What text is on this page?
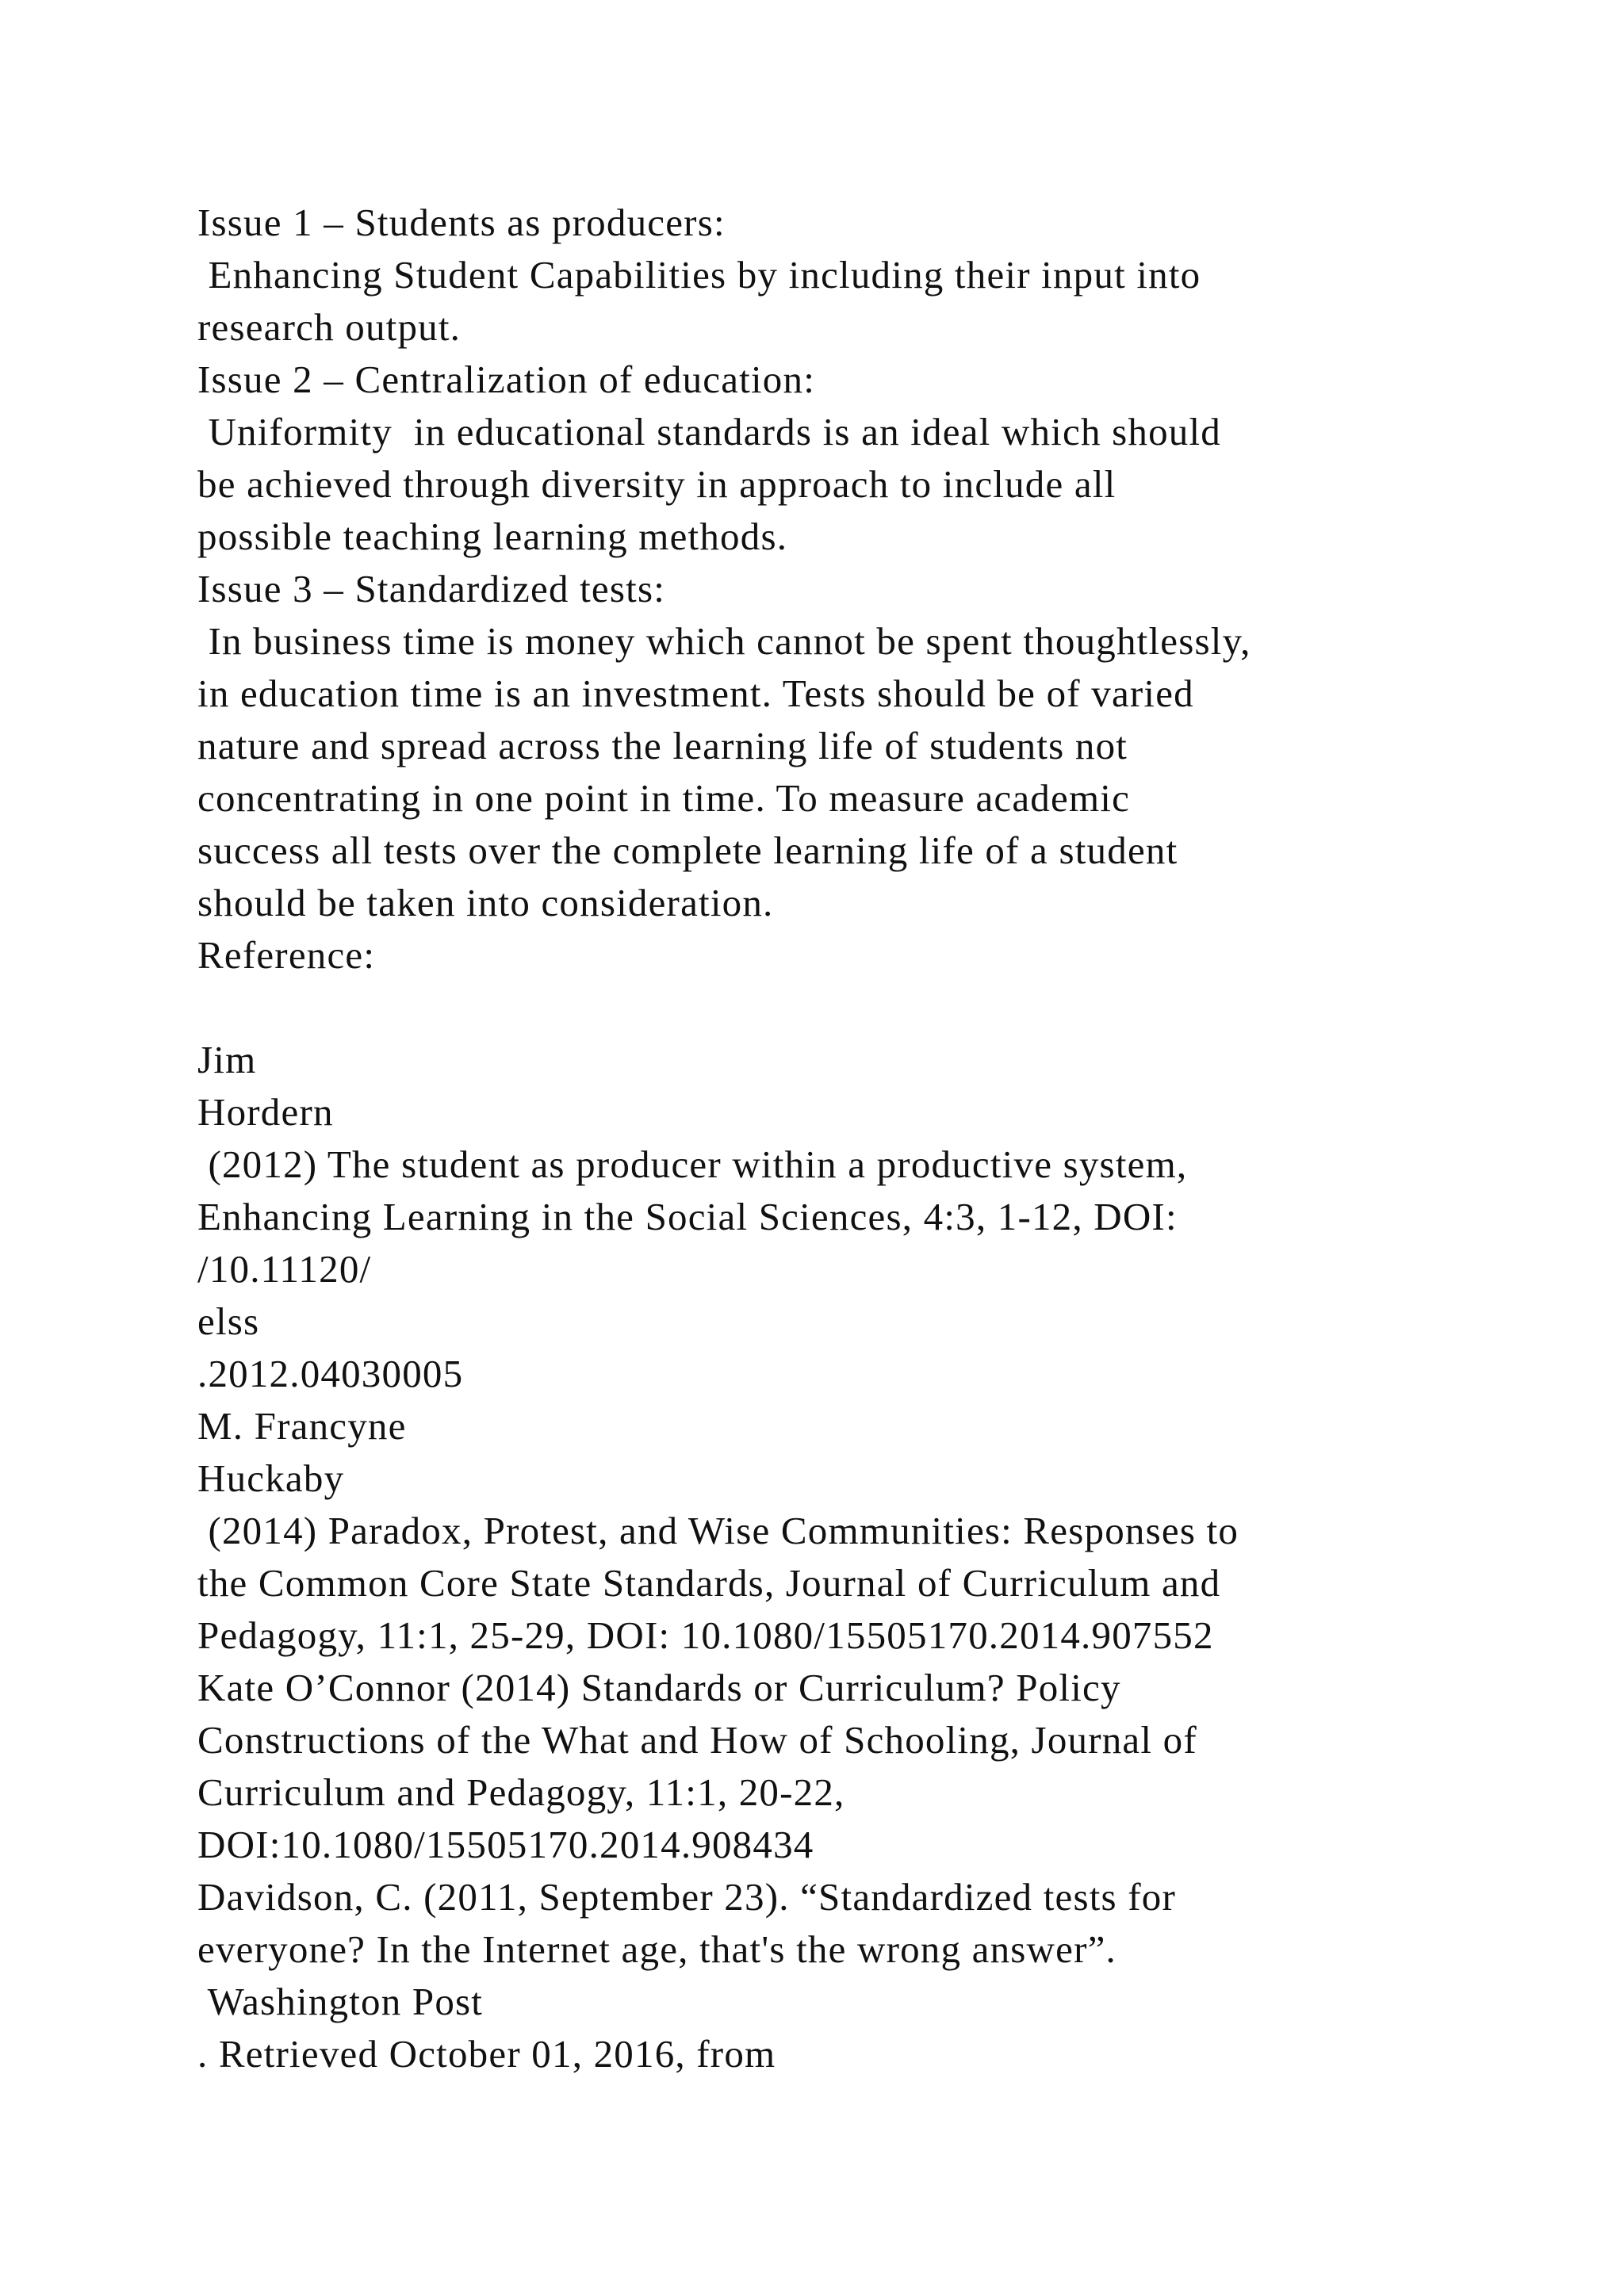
Issue 1 – Students as producers:
Enhancing Student Capabilities by including their input into
research output.
Issue 2 – Centralization of education:
Uniformity  in educational standards is an ideal which should
be achieved through diversity in approach to include all
possible teaching learning methods.
Issue 3 – Standardized tests:
In business time is money which cannot be spent thoughtlessly,
in education time is an investment. Tests should be of varied
nature and spread across the learning life of students not
concentrating in one point in time. To measure academic
success all tests over the complete learning life of a student
should be taken into consideration.
Reference:
Jim
Hordern
(2012) The student as producer within a productive system,
Enhancing Learning in the Social Sciences, 4:3, 1-12, DOI:
/10.11120/
elss
.2012.04030005
M. Francyne
Huckaby
(2014) Paradox, Protest, and Wise Communities: Responses to
the Common Core State Standards, Journal of Curriculum and
Pedagogy, 11:1, 25-29, DOI: 10.1080/15505170.2014.907552
Kate O’Connor (2014) Standards or Curriculum? Policy
Constructions of the What and How of Schooling, Journal of
Curriculum and Pedagogy, 11:1, 20-22,
DOI:10.1080/15505170.2014.908434
Davidson, C. (2011, September 23). “Standardized tests for
everyone? In the Internet age, that's the wrong answer”.
Washington Post
. Retrieved October 01, 2016, from
